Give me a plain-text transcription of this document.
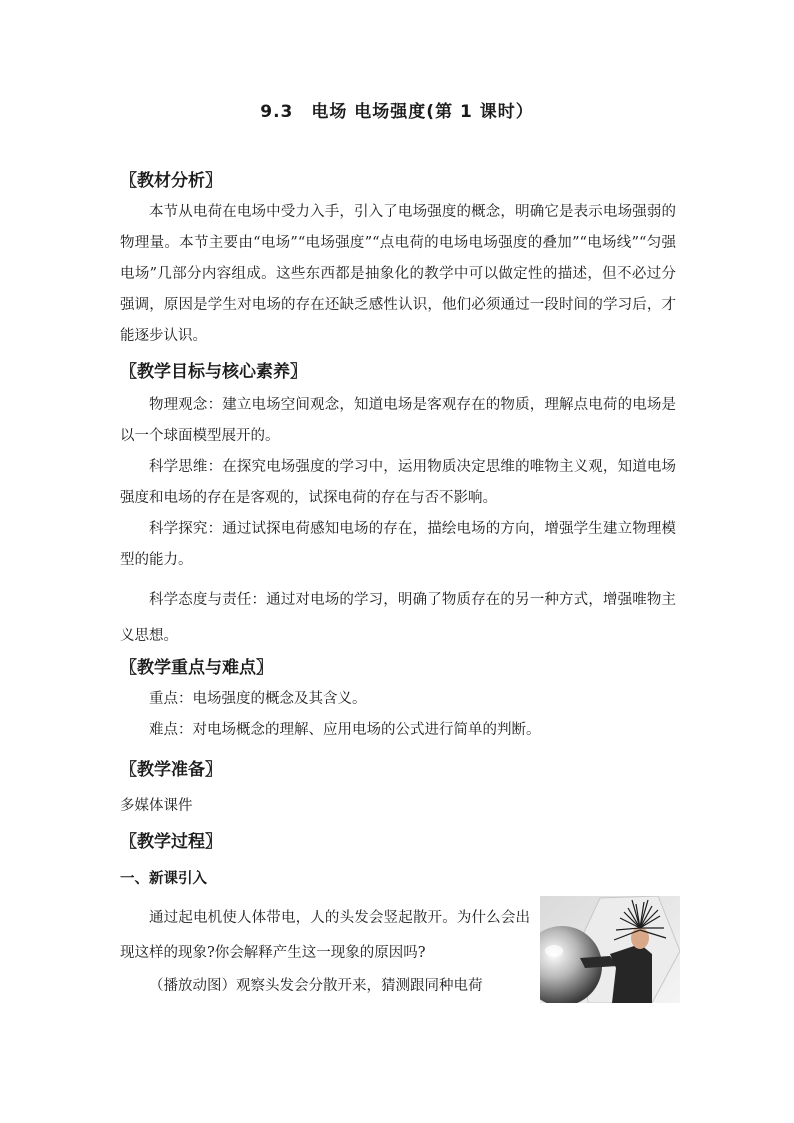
9.3　电场 电场强度(第 1 课时）
〖教材分析〗

本节从电荷在电场中受力入手，引入了电场强度的概念，明确它是表示电场强弱的物理量。本节主要由“电场”“电场强度”“点电荷的电场电场强度的叠加”“电场线”“匀强电场”几部分内容组成。这些东西都是抽象化的教学中可以做定性的描述，但不必过分强调，原因是学生对电场的存在还缺乏感性认识，他们必须通过一段时间的学习后，才能逐步认识。

〖教学目标与核心素养〗

物理观念：建立电场空间观念，知道电场是客观存在的物质，理解点电荷的电场是以一个球面模型展开的。

科学思维：在探究电场强度的学习中，运用物质决定思维的唯物主义观，知道电场强度和电场的存在是客观的，试探电荷的存在与否不影响。

科学探究：通过试探电荷感知电场的存在，描绘电场的方向，增强学生建立物理模型的能力。

科学态度与责任：通过对电场的学习，明确了物质存在的另一种方式，增强唯物主义思想。

〖教学重点与难点〗

重点：电场强度的概念及其含义。

难点：对电场概念的理解、应用电场的公式进行简单的判断。

〖教学准备〗

多媒体课件

〖教学过程〗
一、新课引入

通过起电机使人体带电，人的头发会竖起散开。为什么会出现这样的现象?你会解释产生这一现象的原因吗?

（播放动图）观察头发会分散开来，猜测跟同种电荷
